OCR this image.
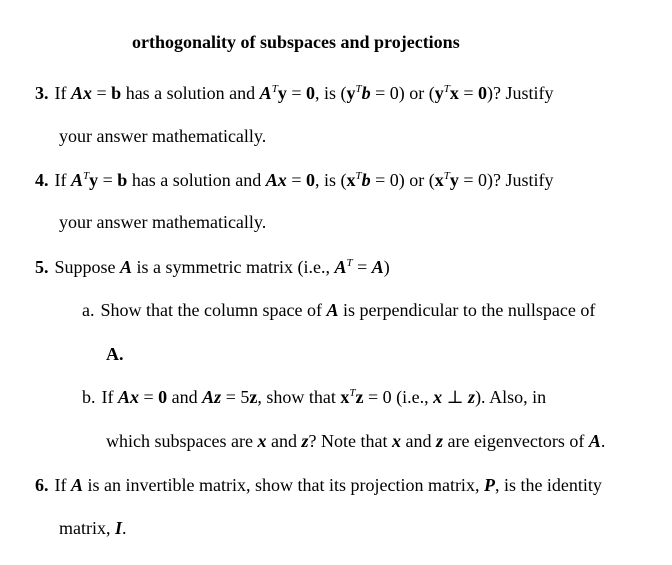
orthogonality of subspaces and projections
3. If Ax = b has a solution and $A^Ty = 0$, is $(y^Tb = 0)$ or $(y^Tx = 0)$? Justify
your answer mathematically.
4. If $A^Ty = b$ has a solution and Ax = 0, is $(x^Tb = 0)$ or $(x^Ty = 0)$? Justify
your answer mathematically.
5. Suppose A is a symmetric matrix (i.e., $A^T = A$)
a. Show that the column space of A is perpendicular to the nullspace of
A.
b. If Ax = 0 and Az = 5z, show that $x^Tz = 0$ (i.e., x ⊥ z). Also, in
which subspaces are x and z? Note that x and z are eigenvectors of A.
6. If A is an invertible matrix, show that its projection matrix, P, is the identity
matrix, I.
